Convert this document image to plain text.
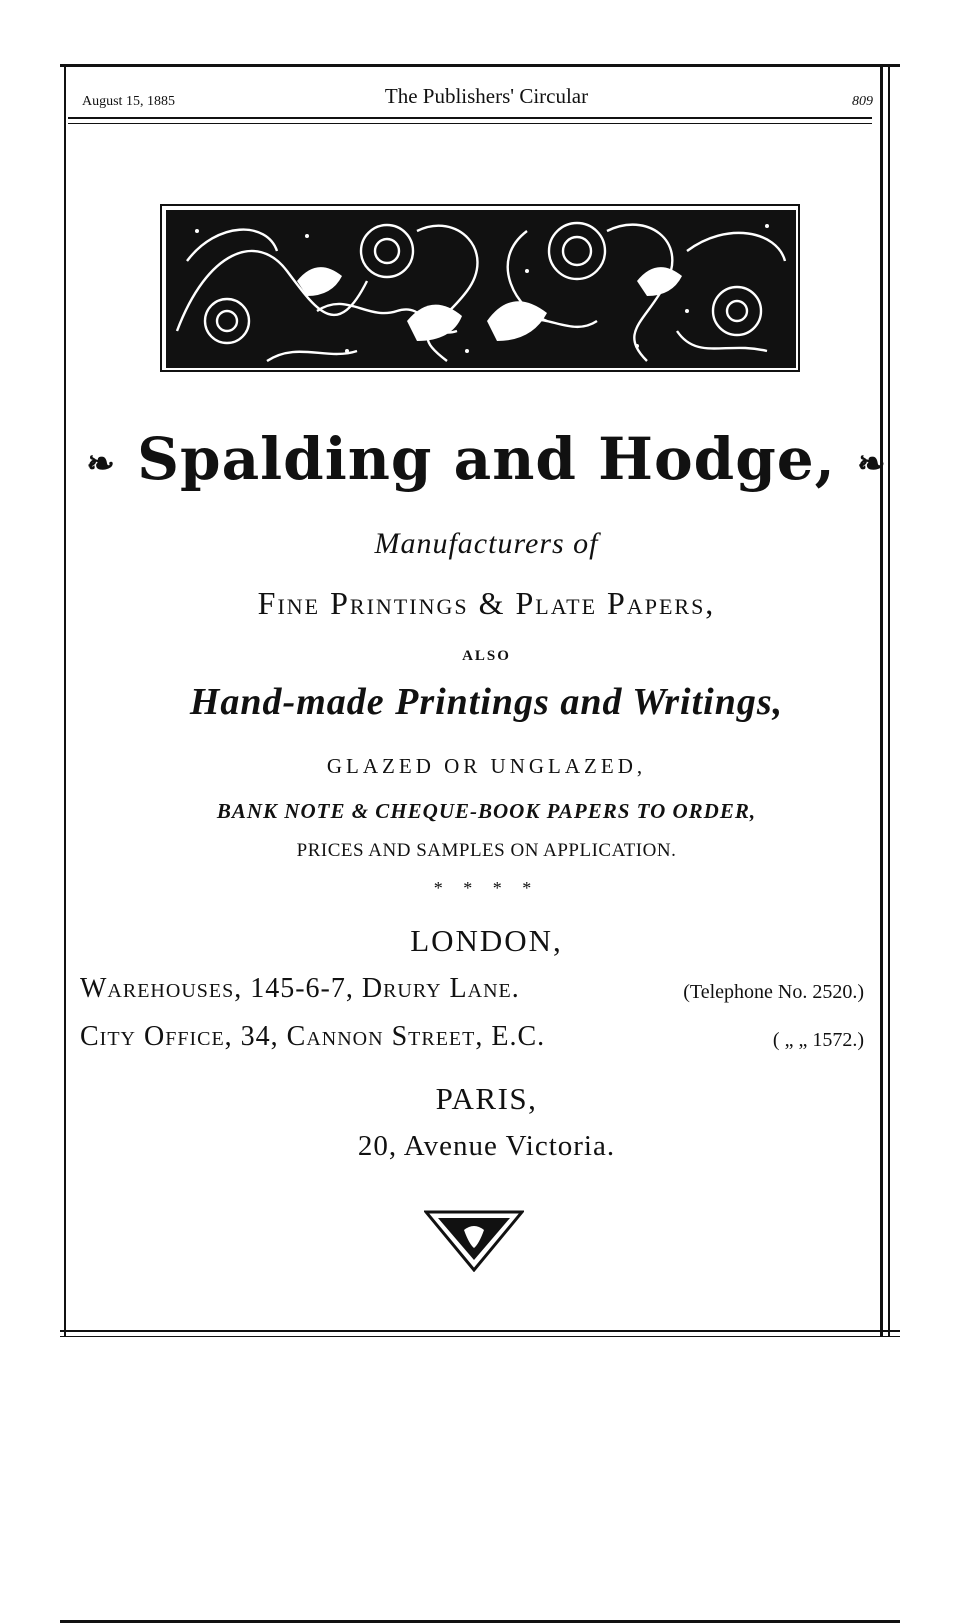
August 15, 1885	The Publishers' Circular	809
❧ Spalding and Hodge, ❧
Manufacturers of
Fine Printings & Plate Papers,
ALSO
Hand-made Printings and Writings,
GLAZED OR UNGLAZED,
BANK NOTE & CHEQUE-BOOK PAPERS TO ORDER,
PRICES AND SAMPLES ON APPLICATION.
* * * *
LONDON,
Warehouses, 145-6-7, Drury Lane.	(Telephone No. 2520.)
City Office, 34, Cannon Street, E.C.	( „ „ 1572.)
PARIS,
20, Avenue Victoria.
